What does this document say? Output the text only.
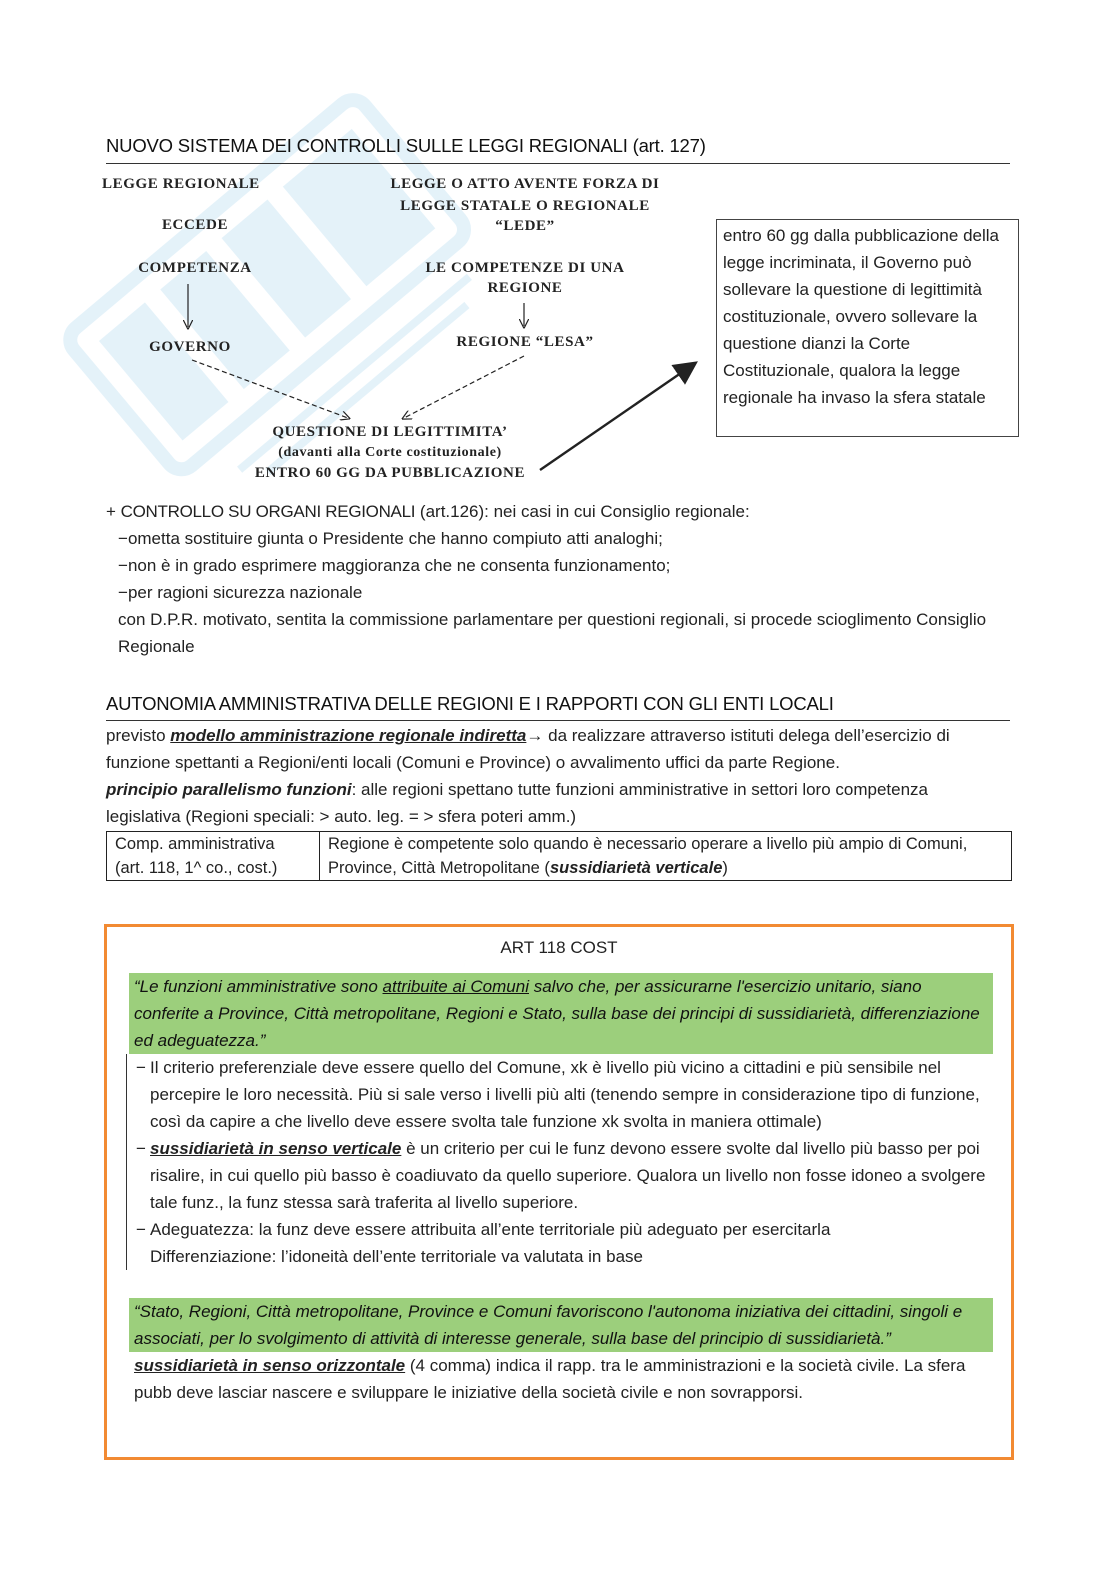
NUOVO SISTEMA DEI CONTROLLI SULLE LEGGI REGIONALI (art. 127)
LEGGE REGIONALE
ECCEDE
COMPETENZA
GOVERNO
LEGGE O ATTO AVENTE FORZA DI
LEGGE STATALE O REGIONALE
“LEDE”
LE COMPETENZE DI UNA
REGIONE
REGIONE “LESA”
QUESTIONE DI LEGITTIMITA’
(davanti alla Corte costituzionale)
ENTRO 60 GG DA PUBBLICAZIONE
entro 60 gg dalla pubblicazione della legge incriminata, il Governo può sollevare la questione di legittimità costituzionale, ovvero sollevare la questione dianzi la Corte Costituzionale, qualora la legge regionale ha invaso la sfera statale
+ CONTROLLO SU ORGANI REGIONALI (art.126): nei casi in cui Consiglio regionale:
−ometta sostituire giunta o Presidente che hanno compiuto atti analoghi;
−non è in grado esprimere maggioranza che ne consenta funzionamento;
−per ragioni sicurezza nazionale
con D.P.R. motivato, sentita la commissione parlamentare per questioni regionali, si procede scioglimento Consiglio Regionale
AUTONOMIA AMMINISTRATIVA DELLE REGIONI E I RAPPORTI CON GLI ENTI LOCALI
previsto modello amministrazione regionale indiretta→ da realizzare attraverso istituti delega dell’esercizio di funzione spettanti a Regioni/enti locali (Comuni e Province) o avvalimento uffici da parte Regione.
principio parallelismo funzioni: alle regioni spettano tutte funzioni amministrative in settori loro competenza legislativa (Regioni speciali: > auto. leg. = > sfera poteri amm.)
Comp. amministrativa
(art. 118, 1^ co., cost.)
	Regione è competente solo quando è necessario operare a livello più ampio di Comuni, Province, Città Metropolitane (sussidiarietà verticale)
ART 118 COST
“Le funzioni amministrative sono attribuite ai Comuni salvo che, per assicurarne l'esercizio unitario, siano conferite a Province, Città metropolitane, Regioni e Stato, sulla base dei principi di sussidiarietà, differenziazione ed adeguatezza.”
− Il criterio preferenziale deve essere quello del Comune, xk è livello più vicino a cittadini e più sensibile nel percepire le loro necessità. Più si sale verso i livelli più alti (tenendo sempre in considerazione tipo di funzione, così da capire a che livello deve essere svolta tale funzione xk svolta in maniera ottimale)
− sussidiarietà in senso verticale è un criterio per cui le funz devono essere svolte dal livello più basso per poi risalire, in cui quello più basso è coadiuvato da quello superiore. Qualora un livello non fosse idoneo a svolgere tale funz., la funz stessa sarà traferita al livello superiore.
− Adeguatezza: la funz deve essere attribuita all’ente territoriale più adeguato per esercitarla
Differenziazione: l’idoneità dell’ente territoriale va valutata in base
“Stato, Regioni, Città metropolitane, Province e Comuni favoriscono l'autonoma iniziativa dei cittadini, singoli e associati, per lo svolgimento di attività di interesse generale, sulla base del principio di sussidiarietà.”
sussidiarietà in senso orizzontale (4 comma) indica il rapp. tra le amministrazioni e la società civile. La sfera pubb deve lasciar nascere e sviluppare le iniziative della società civile e non sovrapporsi.
